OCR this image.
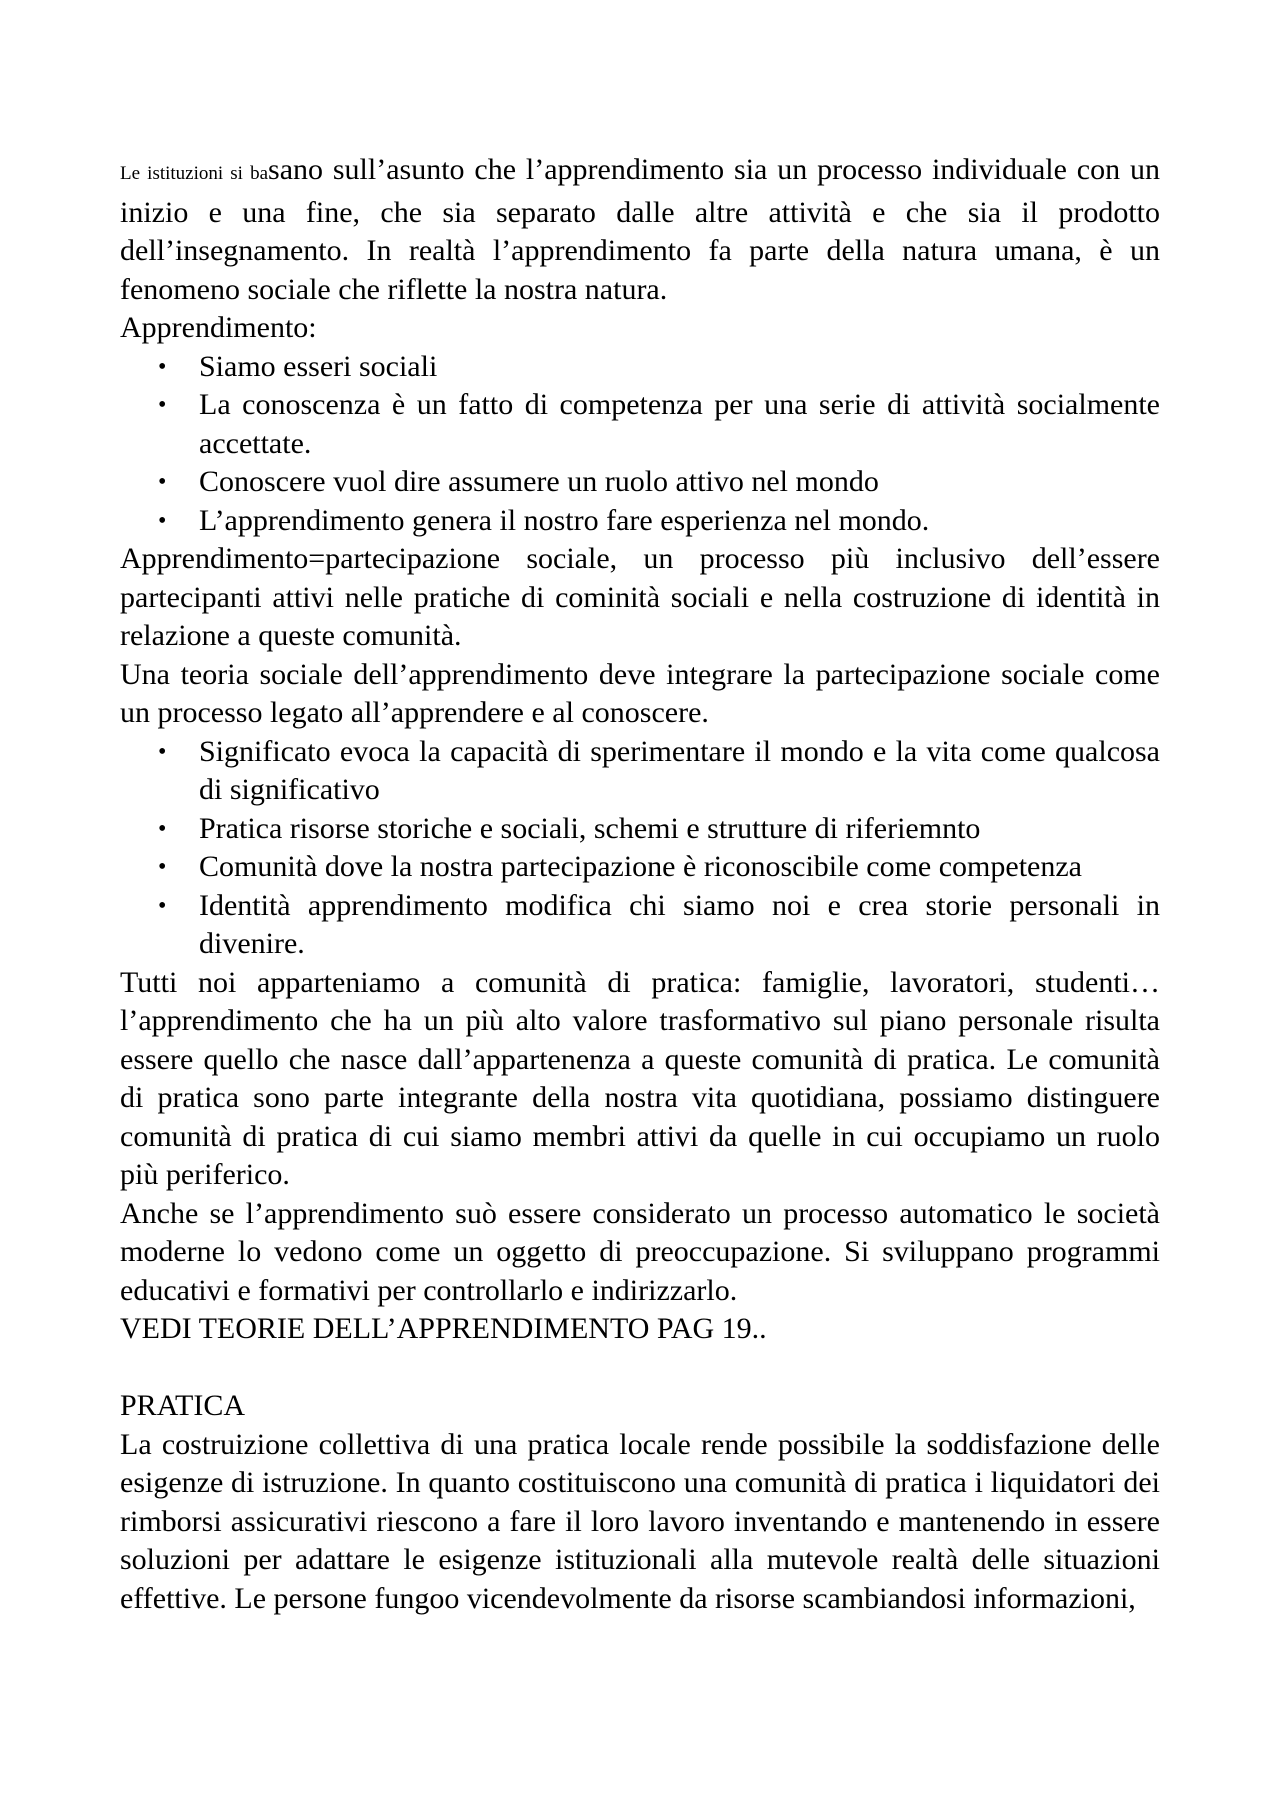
Le istituzioni si basano sull’asunto che l’apprendimento sia un processo individuale con un inizio e una fine, che sia separato dalle altre attività e che sia il prodotto dell’insegnamento. In realtà l’apprendimento fa parte della natura umana, è un fenomeno sociale che riflette la nostra natura.

Apprendimento:

• Siamo esseri sociali
• La conoscenza è un fatto di competenza per una serie di attività socialmente accettate.
• Conoscere vuol dire assumere un ruolo attivo nel mondo
• L’apprendimento genera il nostro fare esperienza nel mondo.

Apprendimento=partecipazione sociale, un processo più inclusivo dell’essere partecipanti attivi nelle pratiche di cominità sociali e nella costruzione di identità in relazione a queste comunità.

Una teoria sociale dell’apprendimento deve integrare la partecipazione sociale come un processo legato all’apprendere e al conoscere.

• Significato evoca la capacità di sperimentare il mondo e la vita come qualcosa di significativo
• Pratica risorse storiche e sociali, schemi e strutture di riferiemnto
• Comunità dove la nostra partecipazione è riconoscibile come competenza
• Identità apprendimento modifica chi siamo noi e crea storie personali in divenire.

Tutti noi apparteniamo a comunità di pratica: famiglie, lavoratori, studenti… l’apprendimento che ha un più alto valore trasformativo sul piano personale risulta essere quello che nasce dall’appartenenza a queste comunità di pratica. Le comunità di pratica sono parte integrante della nostra vita quotidiana, possiamo distinguere comunità di pratica di cui siamo membri attivi da quelle in cui occupiamo un ruolo più periferico.

Anche se l’apprendimento suò essere considerato un processo automatico le società moderne lo vedono come un oggetto di preoccupazione. Si sviluppano programmi educativi e formativi per controllarlo e indirizzarlo.

VEDI TEORIE DELL’APPRENDIMENTO PAG 19..

PRATICA

La costruizione collettiva di una pratica locale rende possibile la soddisfazione delle esigenze di istruzione. In quanto costituiscono una comunità di pratica i liquidatori dei rimborsi assicurativi riescono a fare il loro lavoro inventando e mantenendo in essere soluzioni per adattare le esigenze istituzionali alla mutevole realtà delle situazioni effettive. Le persone fungoo vicendevolmente da risorse scambiandosi informazioni,
